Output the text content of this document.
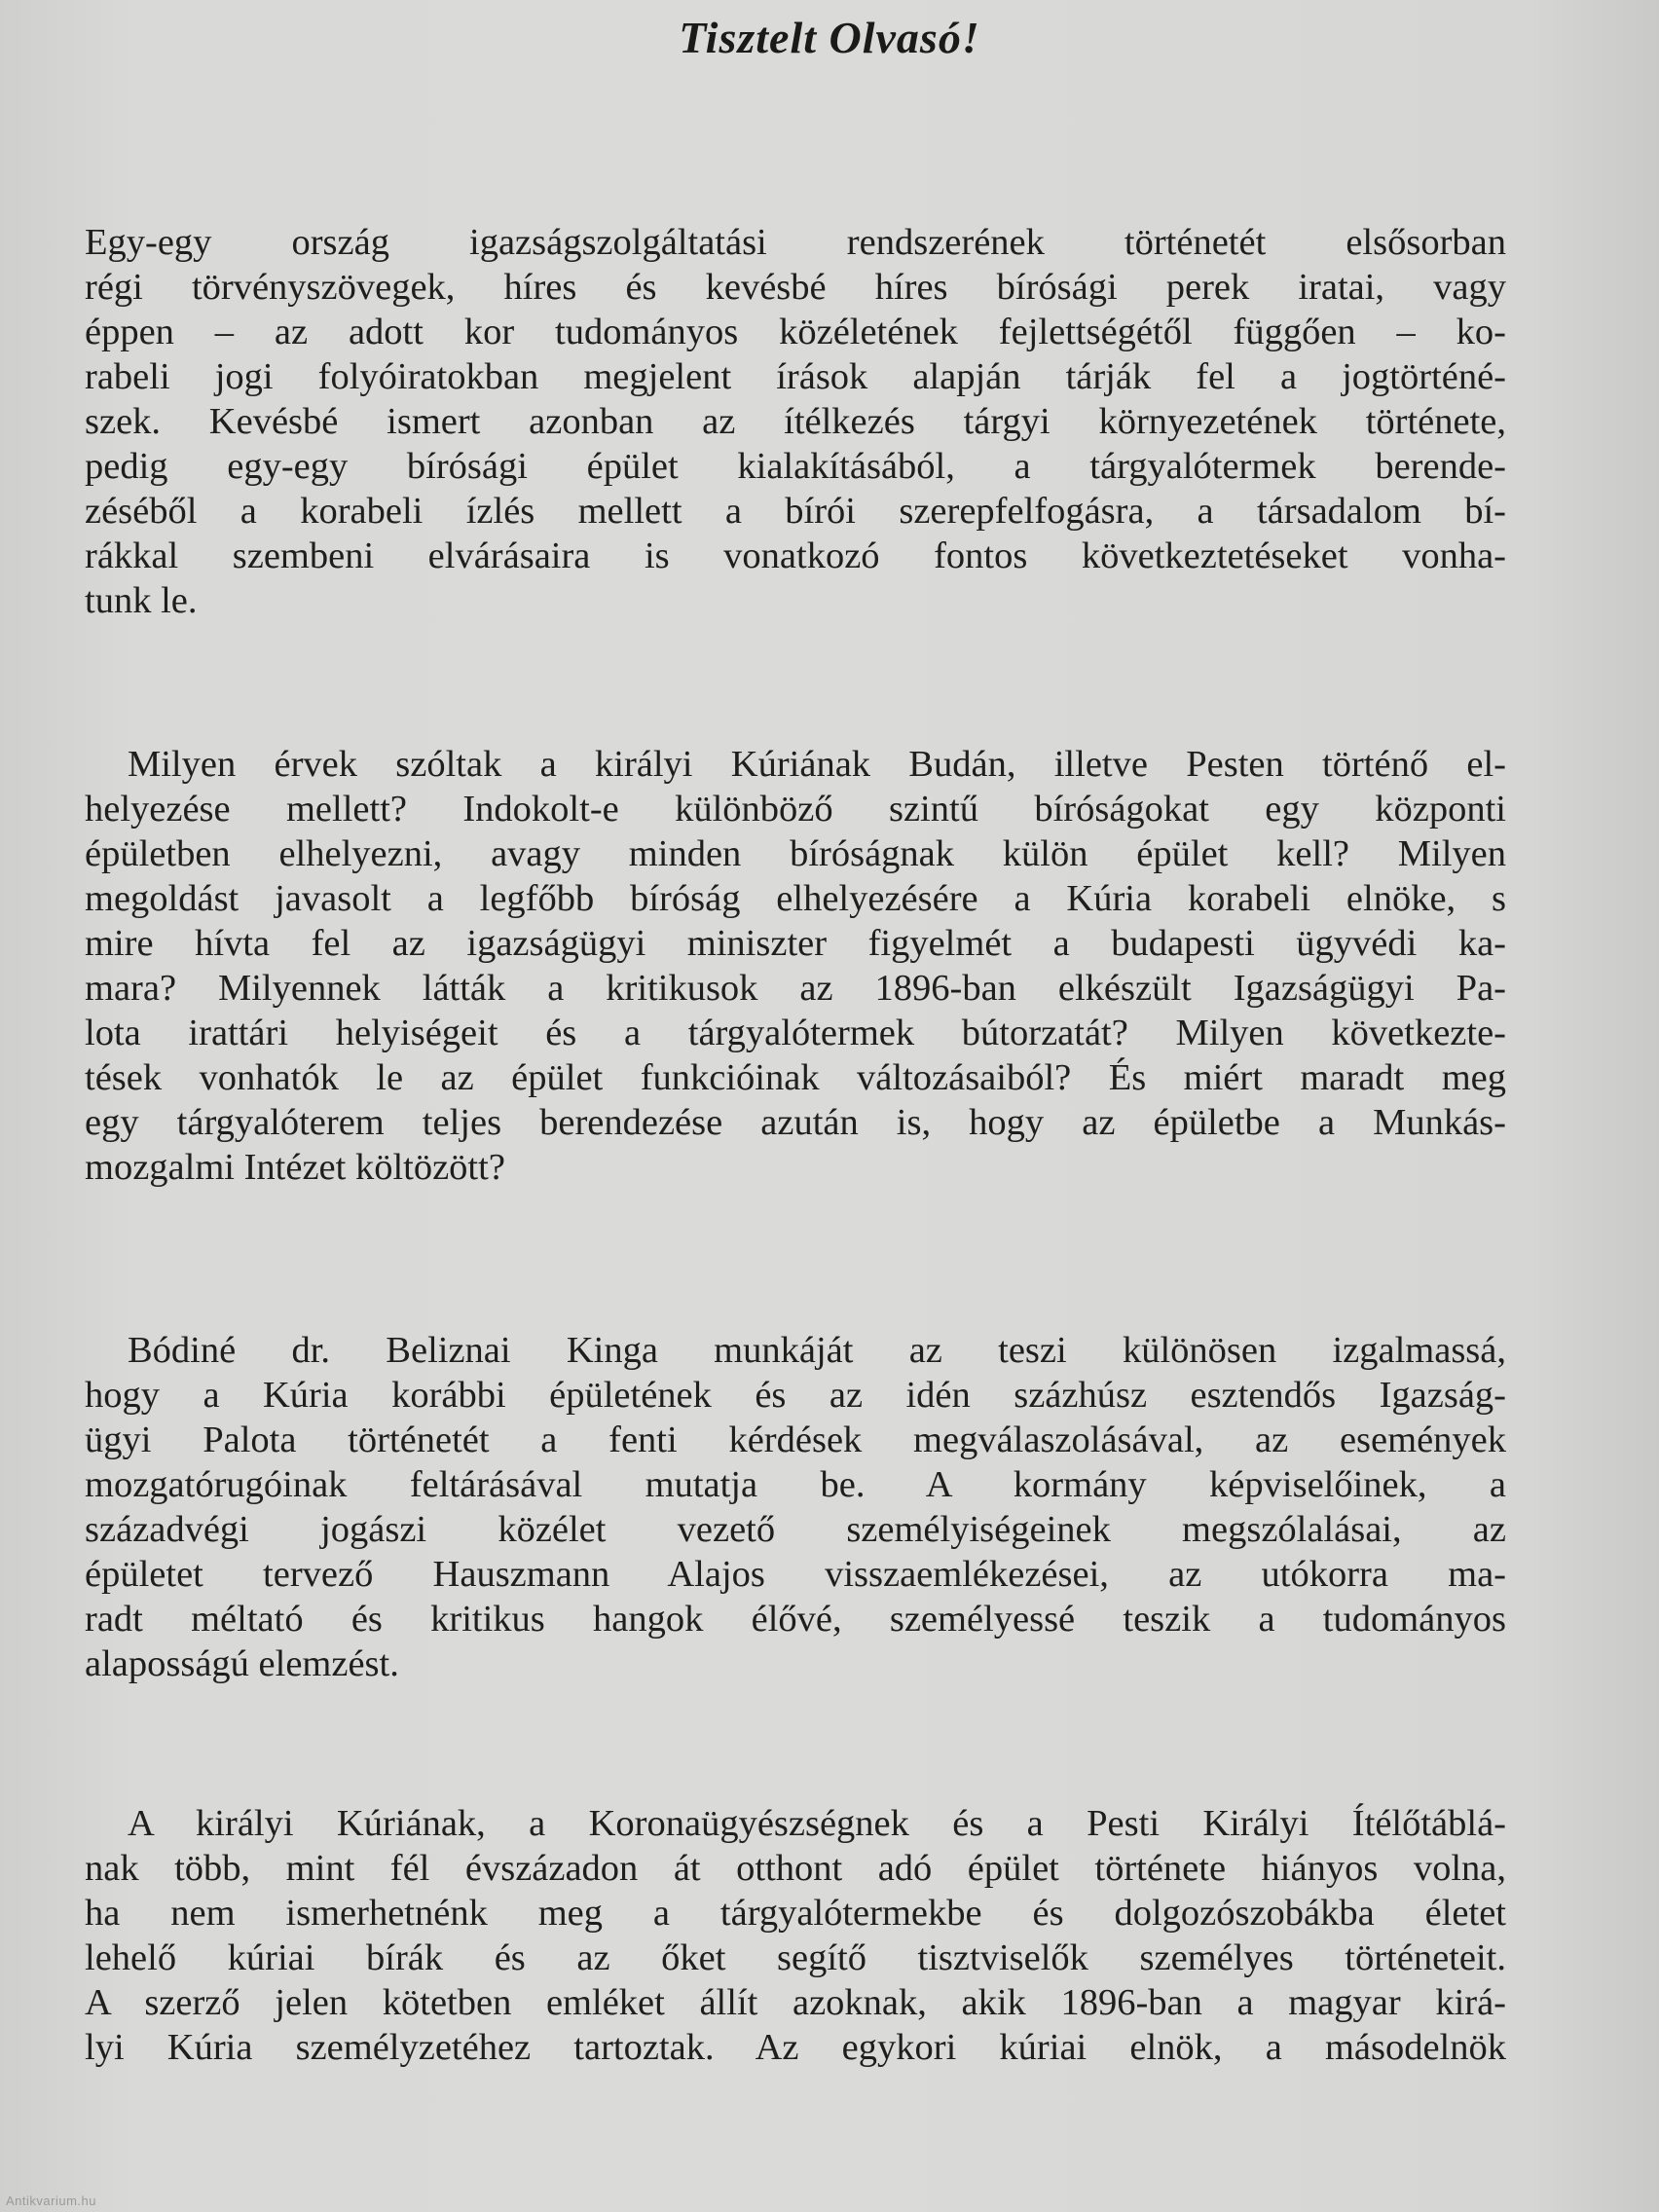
Tisztelt Olvasó!
Egy-egy ország igazságszolgáltatási rendszerének történetét elsősorban
régi törvényszövegek, híres és kevésbé híres bírósági perek iratai, vagy
éppen – az adott kor tudományos közéletének fejlettségétől függően – ko-
rabeli jogi folyóiratokban megjelent írások alapján tárják fel a jogtörténé-
szek. Kevésbé ismert azonban az ítélkezés tárgyi környezetének története,
pedig egy-egy bírósági épület kialakításából, a tárgyalótermek berende-
zéséből a korabeli ízlés mellett a bírói szerepfelfogásra, a társadalom bí-
rákkal szembeni elvárásaira is vonatkozó fontos következtetéseket vonha-
tunk le.
Milyen érvek szóltak a királyi Kúriának Budán, illetve Pesten történő el-
helyezése mellett? Indokolt-e különböző szintű bíróságokat egy központi
épületben elhelyezni, avagy minden bíróságnak külön épület kell? Milyen
megoldást javasolt a legfőbb bíróság elhelyezésére a Kúria korabeli elnöke, s
mire hívta fel az igazságügyi miniszter figyelmét a budapesti ügyvédi ka-
mara? Milyennek látták a kritikusok az 1896-ban elkészült Igazságügyi Pa-
lota irattári helyiségeit és a tárgyalótermek bútorzatát? Milyen következte-
tések vonhatók le az épület funkcióinak változásaiból? És miért maradt meg
egy tárgyalóterem teljes berendezése azután is, hogy az épületbe a Munkás-
mozgalmi Intézet költözött?
Bódiné dr. Beliznai Kinga munkáját az teszi különösen izgalmassá,
hogy a Kúria korábbi épületének és az idén százhúsz esztendős Igazság-
ügyi Palota történetét a fenti kérdések megválaszolásával, az események
mozgatórugóinak feltárásával mutatja be. A kormány képviselőinek, a
századvégi jogászi közélet vezető személyiségeinek megszólalásai, az
épületet tervező Hauszmann Alajos visszaemlékezései, az utókorra ma-
radt méltató és kritikus hangok élővé, személyessé teszik a tudományos
alaposságú elemzést.
A királyi Kúriának, a Koronaügyészségnek és a Pesti Királyi Ítélőtáblá-
nak több, mint fél évszázadon át otthont adó épület története hiányos volna,
ha nem ismerhetnénk meg a tárgyalótermekbe és dolgozószobákba életet
lehelő kúriai bírák és az őket segítő tisztviselők személyes történeteit.
A szerző jelen kötetben emléket állít azoknak, akik 1896-ban a magyar kirá-
lyi Kúria személyzetéhez tartoztak. Az egykori kúriai elnök, a másodelnök
Antikvarium.hu
